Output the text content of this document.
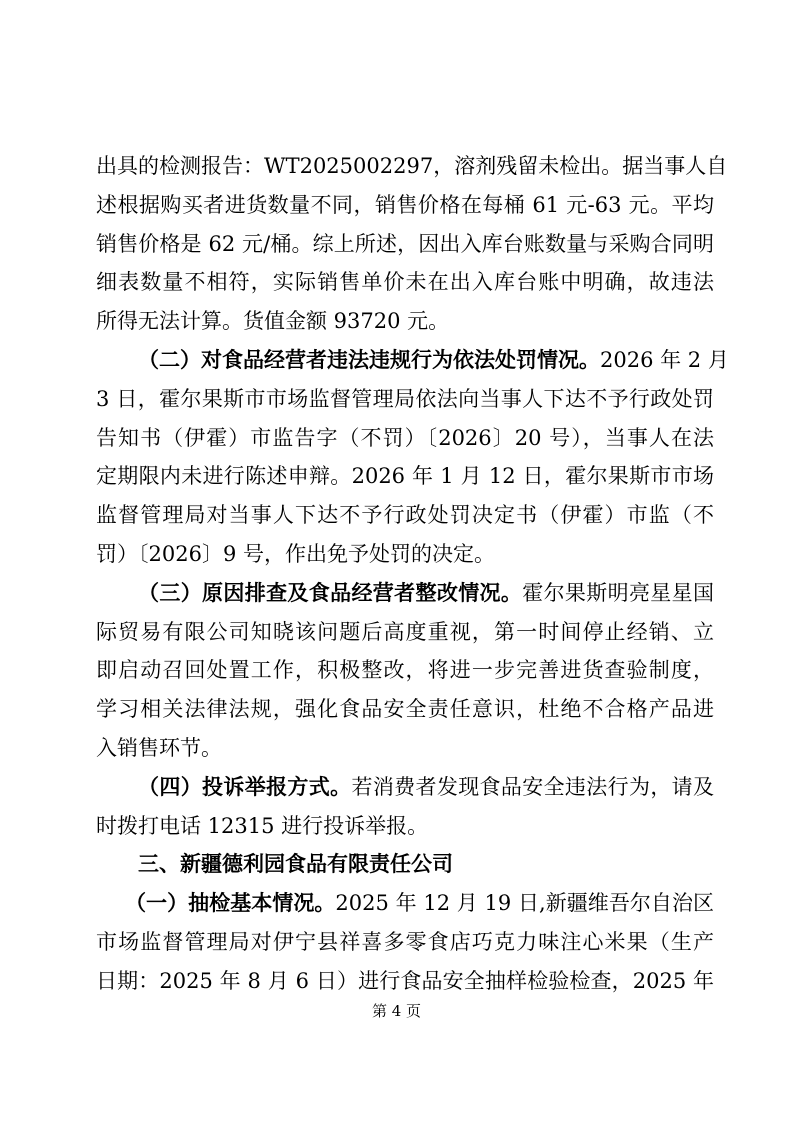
出具的检测报告：WT2025002297，溶剂残留未检出。据当事人自
述根据购买者进货数量不同，销售价格在每桶 61 元-63 元。平均
销售价格是 62 元/桶。综上所述，因出入库台账数量与采购合同明
细表数量不相符，实际销售单价未在出入库台账中明确，故违法
所得无法计算。货值金额 93720 元。
（二）对食品经营者违法违规行为依法处罚情况。2026 年 2 月
3 日，霍尔果斯市市场监督管理局依法向当事人下达不予行政处罚
告知书（伊霍）市监告字（不罚）〔2026〕20 号），当事人在法
定期限内未进行陈述申辩。2026 年 1 月 12 日，霍尔果斯市市场
监督管理局对当事人下达不予行政处罚决定书（伊霍）市监（不
罚）〔2026〕9 号，作出免予处罚的决定。
（三）原因排查及食品经营者整改情况。霍尔果斯明亮星星国
际贸易有限公司知晓该问题后高度重视，第一时间停止经销、立
即启动召回处置工作，积极整改，将进一步完善进货查验制度，
学习相关法律法规，强化食品安全责任意识，杜绝不合格产品进
入销售环节。
（四）投诉举报方式。若消费者发现食品安全违法行为，请及
时拨打电话 12315 进行投诉举报。
三、新疆德利园食品有限责任公司
（一）抽检基本情况。2025 年 12 月 19 日,新疆维吾尔自治区
市场监督管理局对伊宁县祥喜多零食店巧克力味注心米果（生产
日期：2025 年 8 月 6 日）进行食品安全抽样检验检查，2025 年
第 4 页
